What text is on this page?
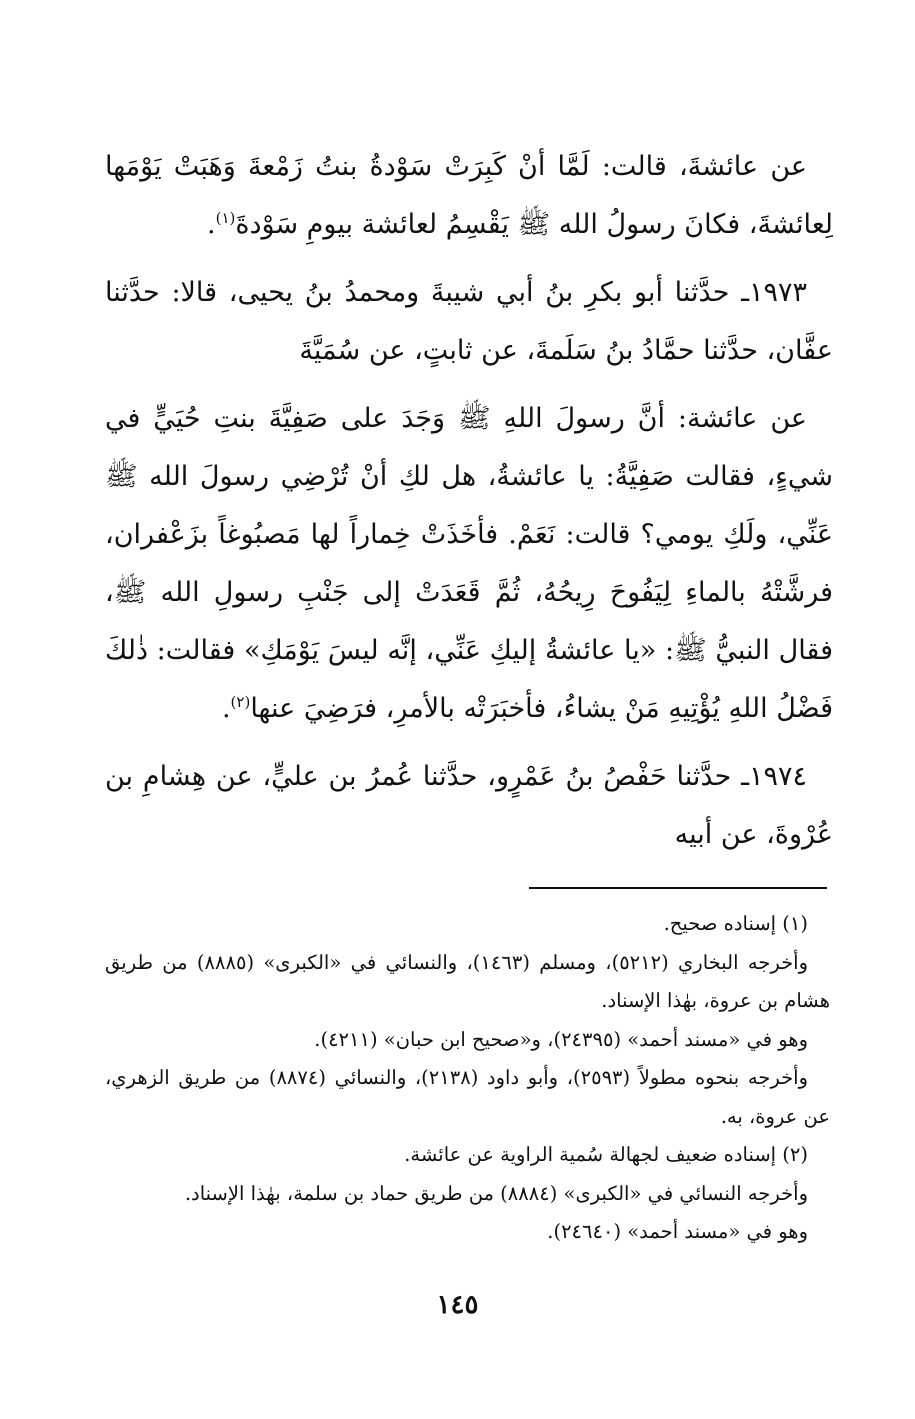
عن عائشةَ، قالت: لَمَّا أنْ كَبِرَتْ سَوْدةُ بنتُ زَمْعةَ وَهَبَتْ يَوْمَها لِعائشةَ، فكانَ رسولُ الله ﷺ يَقْسِمُ لعائشة بيومِ سَوْدةَ$^{(١)}$.

١٩٧٣ـ حدَّثنا أبو بكرِ بنُ أبي شيبةَ ومحمدُ بنُ يحيى، قالا: حدَّثنا عفَّان، حدَّثنا حمَّادُ بنُ سَلَمةَ، عن ثابتٍ، عن سُمَيَّةَ

عن عائشة: أنَّ رسولَ اللهِ ﷺ وَجَدَ على صَفِيَّةَ بنتِ حُيَيٍّ في شيءٍ، فقالت صَفِيَّةُ: يا عائشةُ، هل لكِ أنْ تُرْضِي رسولَ الله ﷺ عَنِّي، ولَكِ يومي؟ قالت: نَعَمْ. فأخَذَتْ خِماراً لها مَصبُوغاً بزَعْفران، فرشَّتْهُ بالماءِ لِيَفُوحَ رِيحُهُ، ثُمَّ قَعَدَتْ إلى جَنْبِ رسولِ الله ﷺ، فقال النبيُّ ﷺ: «يا عائشةُ إليكِ عَنِّي، إنَّه ليسَ يَوْمَكِ» فقالت: ذٰلكَ فَضْلُ اللهِ يُؤْتِيهِ مَنْ يشاءُ، فأخبَرَتْه بالأمرِ، فرَضِيَ عنها$^{(٢)}$.

١٩٧٤ـ حدَّثنا حَفْصُ بنُ عَمْرٍو، حدَّثنا عُمرُ بن عليٍّ، عن هِشامِ بن عُرْوةَ، عن أبيه

(١) إسناده صحيح.

وأخرجه البخاري (٥٢١٢)، ومسلم (١٤٦٣)، والنسائي في «الكبرى» (٨٨٨٥) من طريق هشام بن عروة، بهٰذا الإسناد.

وهو في «مسند أحمد» (٢٤٣٩٥)، و«صحيح ابن حبان» (٤٢١١).

وأخرجه بنحوه مطولاً (٢٥٩٣)، وأبو داود (٢١٣٨)، والنسائي (٨٨٧٤) من طريق الزهري، عن عروة، به.

(٢) إسناده ضعيف لجهالة سُمية الراوية عن عائشة.

وأخرجه النسائي في «الكبرى» (٨٨٨٤) من طريق حماد بن سلمة، بهٰذا الإسناد.

وهو في «مسند أحمد» (٢٤٦٤٠).

١٤٥
